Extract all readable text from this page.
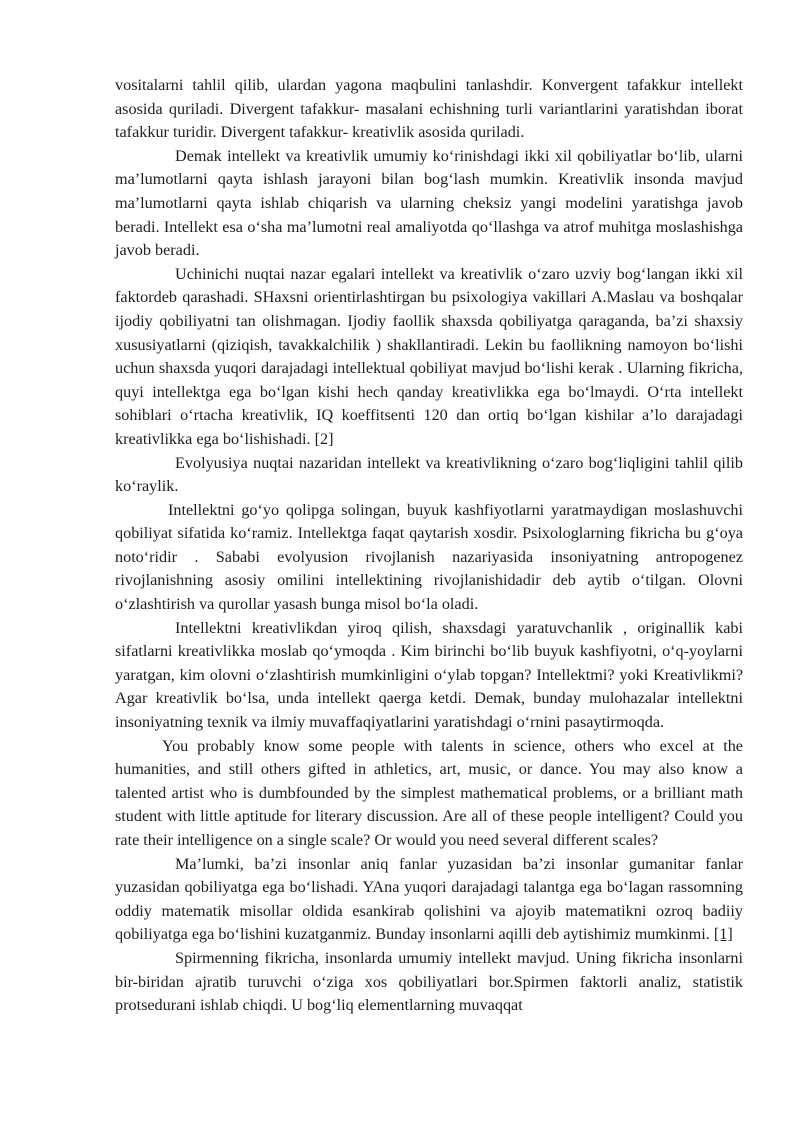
vositalarni tahlil qilib, ulardan yagona maqbulini tanlashdir. Konvergent tafakkur intellekt asosida quriladi. Divergent tafakkur- masalani echishning turli variantlarini yaratishdan iborat tafakkur turidir. Divergent tafakkur- kreativlik asosida quriladi.

Demak intellekt va kreativlik umumiy ko‘rinishdagi ikki xil qobiliyatlar bo‘lib, ularni ma’lumotlarni qayta ishlash jarayoni bilan bog‘lash mumkin. Kreativlik insonda mavjud ma’lumotlarni qayta ishlab chiqarish va ularning cheksiz yangi modelini yaratishga javob beradi. Intellekt esa o‘sha ma’lumotni real amaliyotda qo‘llashga va atrof muhitga moslashishga javob beradi.

Uchinichi nuqtai nazar egalari intellekt va kreativlik o‘zaro uzviy bog‘langan ikki xil faktordeb qarashadi. SHaxsni orientirlashtirgan bu psixologiya vakillari A.Maslau va boshqalar ijodiy qobiliyatni tan olishmagan. Ijodiy faollik shaxsda qobiliyatga qaraganda, ba’zi shaxsiy xususiyatlarni (qiziqish, tavakkalchilik ) shakllantiradi. Lekin bu faollikning namoyon bo‘lishi uchun shaxsda yuqori darajadagi intellektual qobiliyat mavjud bo‘lishi kerak . Ularning fikricha, quyi intellektga ega bo‘lgan kishi hech qanday kreativlikka ega bo‘lmaydi. O‘rta intellekt sohiblari o‘rtacha kreativlik, IQ koeffitsenti 120 dan ortiq bo‘lgan kishilar a’lo darajadagi kreativlikka ega bo‘lishishadi. [2]

Evolyusiya nuqtai nazaridan intellekt va kreativlikning o‘zaro bog‘liqligini tahlil qilib ko‘raylik.

Intellektni go‘yo qolipga solingan, buyuk kashfiyotlarni yaratmaydigan moslashuvchi qobiliyat sifatida ko‘ramiz. Intellektga faqat qaytarish xosdir. Psixologlarning fikricha bu g‘oya noto‘ridir . Sababi evolyusion rivojlanish nazariyasida insoniyatning antropogenez rivojlanishning asosiy omilini intellektining rivojlanishidadir deb aytib o‘tilgan. Olovni o‘zlashtirish va qurollar yasash bunga misol bo‘la oladi.

Intellektni kreativlikdan yiroq qilish, shaxsdagi yaratuvchanlik , originallik kabi sifatlarni kreativlikka moslab qo‘ymoqda . Kim birinchi bo‘lib buyuk kashfiyotni, o‘q-yoylarni yaratgan, kim olovni o‘zlashtirish mumkinligini o‘ylab topgan? Intellektmi? yoki Kreativlikmi? Agar kreativlik bo‘lsa, unda intellekt qaerga ketdi. Demak, bunday mulohazalar intellektni insoniyatning texnik va ilmiy muvaffaqiyatlarini yaratishdagi o‘rnini pasaytirmoqda.

You probably know some people with talents in science, others who excel at the humanities, and still others gifted in athletics, art, music, or dance. You may also know a talented artist who is dumbfounded by the simplest mathematical problems, or a brilliant math student with little aptitude for literary discussion. Are all of these people intelligent? Could you rate their intelligence on a single scale? Or would you need several different scales?

Ma’lumki, ba’zi insonlar aniq fanlar yuzasidan ba’zi insonlar gumanitar fanlar yuzasidan qobiliyatga ega bo‘lishadi. YAna yuqori darajadagi talantga ega bo‘lagan rassomning oddiy matematik misollar oldida esankirab qolishini va ajoyib matematikni ozroq badiiy qobiliyatga ega bo‘lishini kuzatganmiz. Bunday insonlarni aqilli deb aytishimiz mumkinmi. [1]

Spirmenning fikricha, insonlarda umumiy intellekt mavjud. Uning fikricha insonlarni bir-biridan ajratib turuvchi o‘ziga xos qobiliyatlari bor.Spirmen faktorli analiz, statistik protsedurani ishlab chiqdi. U bog‘liq elementlarning muvaqqat
